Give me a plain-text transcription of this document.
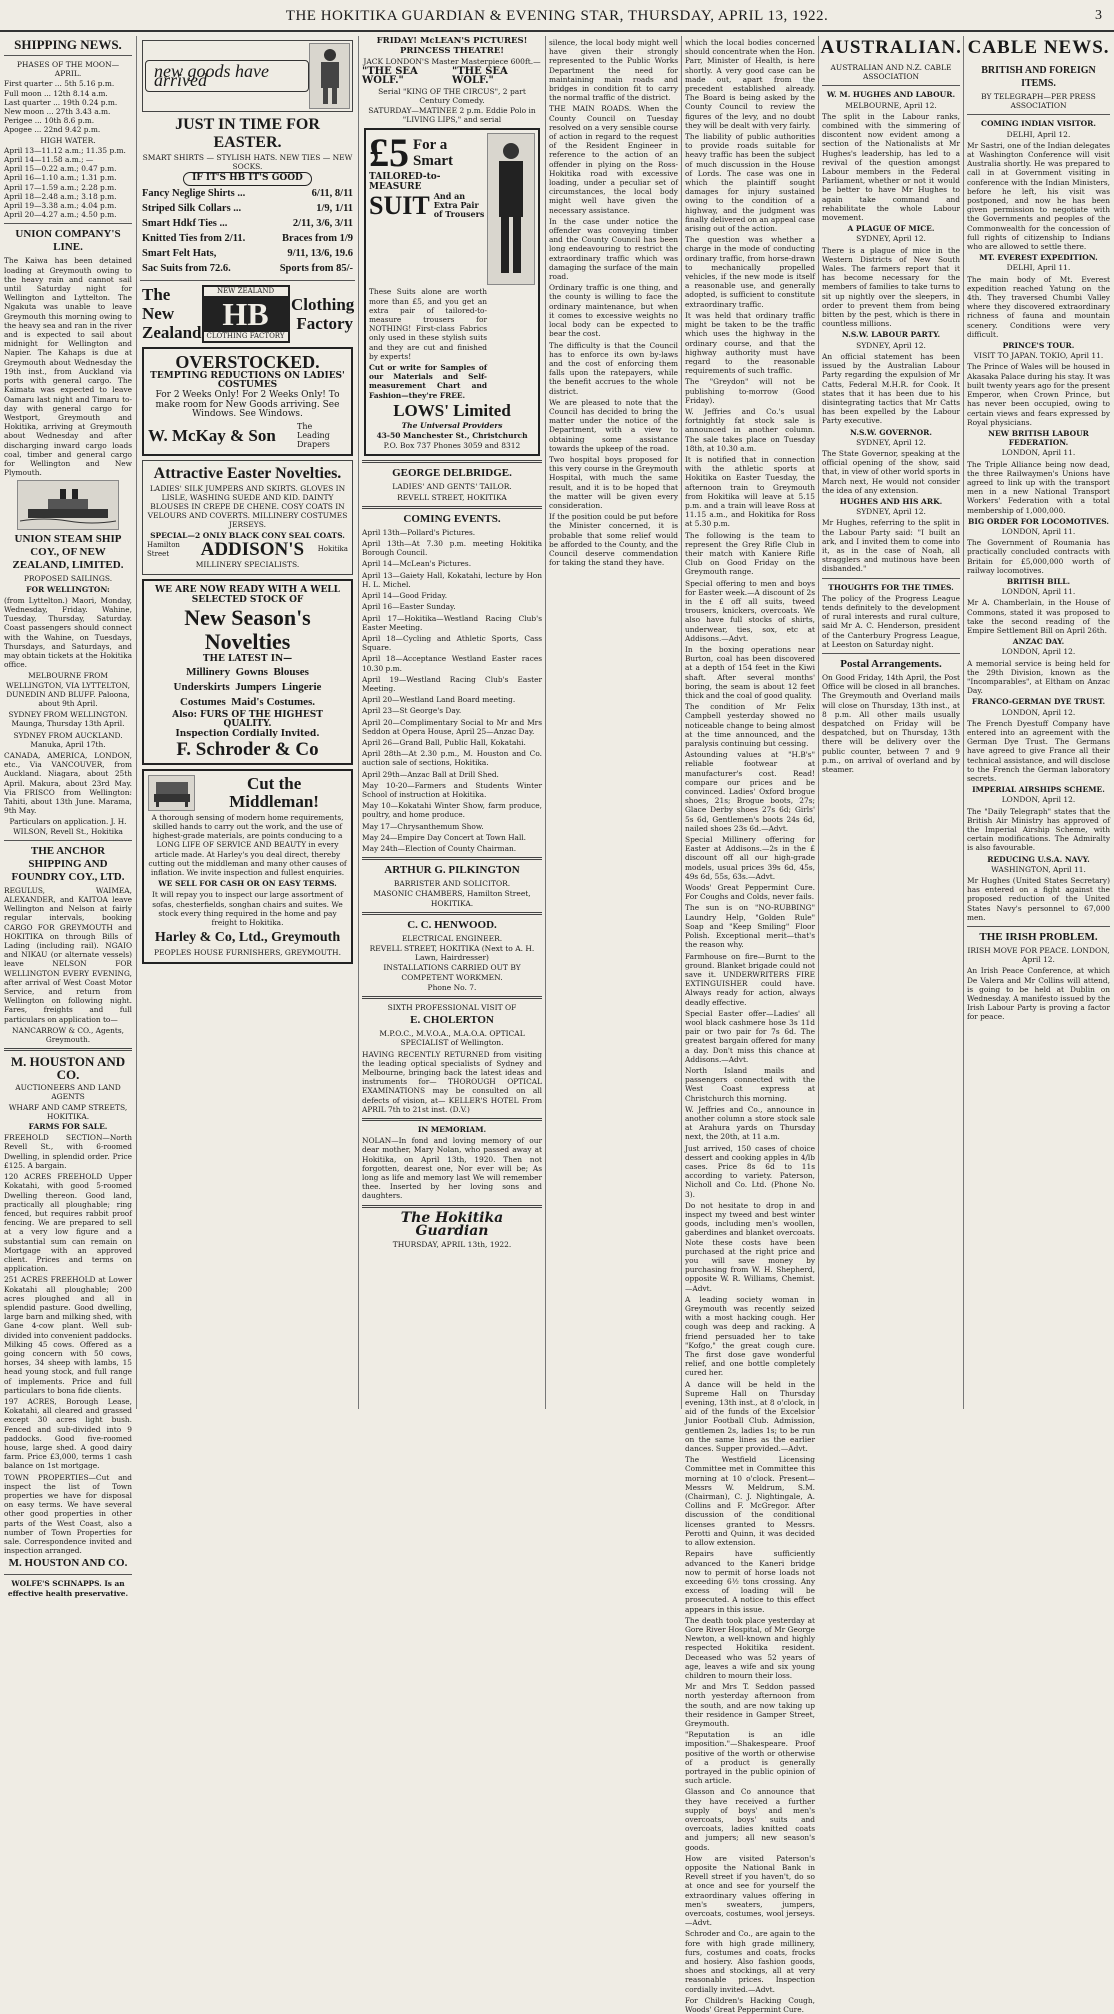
THE HOKITIKA GUARDIAN & EVENING STAR, THURSDAY, APRIL 13, 1922.	3
SHIPPING NEWS.
PHASES OF THE MOON—APRIL.
First quarter ... 5th 5.16 p.m.
Full moon ... 12th 8.14 a.m.
Last quarter ... 19th 0.24 p.m.
New moon ... 27th 3.43 a.m.
Perigee ... 10th 8.6 p.m.
Apogee ... 22nd 9.42 p.m.
HIGH WATER.
April 13—11.12 a.m.; 11.35 p.m.
April 14—11.58 a.m.; —
April 15—0.22 a.m.; 0.47 p.m.
April 16—1.10 a.m.; 1.31 p.m.
April 17—1.59 a.m.; 2.28 p.m.
April 18—2.48 a.m.; 3.18 p.m.
April 19—3.38 a.m.; 4.04 p.m.
April 20—4.27 a.m.; 4.50 p.m.
UNION COMPANY'S LINE.
The Kaiwa has been detained loading at Greymouth owing to the heavy rain and cannot sail until Saturday night for Wellington and Lyttelton. The Ngakuta was unable to leave Greymouth this morning owing to the heavy sea and ran in the river and is expected to sail about midnight for Wellington and Napier. The Kahaps is due at Greymouth about Wednesday the 19th inst., from Auckland via ports with general cargo. The Kaimata was expected to leave Oamaru last night and Timaru to-day with general cargo for Westport, Greymouth and Hokitika, arriving at Greymouth about Wednesday and after discharging inward cargo loads coal, timber and general cargo for Wellington and New Plymouth.
UNION STEAM SHIP COY., OF NEW ZEALAND, LIMITED.
PROPOSED SAILINGS.
FOR WELLINGTON:
(from Lyttelton.) Maori, Monday, Wednesday, Friday. Wahine, Tuesday, Thursday, Saturday. Coast passengers should connect with the Wahine, on Tuesdays, Thursdays, and Saturdays, and may obtain tickets at the Hokitika office.
MELBOURNE FROM WELLINGTON, VIA LYTTELTON, DUNEDIN AND BLUFF. Paloona, about 9th April.
SYDNEY FROM WELLINGTON. Maunga, Thursday 13th April.
SYDNEY FROM AUCKLAND. Manuka, April 17th.
CANADA, AMERICA, LONDON, etc., Via VANCOUVER, from Auckland. Niagara, about 25th April. Makura, about 23rd May. Via FRISCO from Wellington: Tahiti, about 13th June. Marama, 9th May.
Particulars on application. J. H. WILSON, Revell St., Hokitika
THE ANCHOR SHIPPING AND FOUNDRY COY., LTD.
REGULUS, WAIMEA, ALEXANDER, and KAITOA leave Wellington and Nelson at fairly regular intervals, booking CARGO FOR GREYMOUTH and HOKITIKA on through Bills of Lading (including rail). NGAIO and NIKAU (or alternate vessels) leave NELSON FOR WELLINGTON EVERY EVENING, after arrival of West Coast Motor Service, and return from Wellington on following night. Fares, freights and full particulars on application to—
NANCARROW & CO., Agents, Greymouth.
M. HOUSTON AND CO.
AUCTIONEERS AND LAND AGENTS
WHARF AND CAMP STREETS, HOKITIKA.
FARMS FOR SALE.
FREEHOLD SECTION—North Revell St., with 6-roomed Dwelling, in splendid order. Price £125. A bargain.
120 ACRES FREEHOLD Upper Kokatahi, with good 5-roomed Dwelling thereon. Good land, practically all ploughable; ring fenced, but requires rabbit proof fencing. We are prepared to sell at a very low figure and a substantial sum can remain on Mortgage with an approved client. Prices and terms on application.
251 ACRES FREEHOLD at Lower Kokatahi all ploughable; 200 acres ploughed and all in splendid pasture. Good dwelling, large barn and milking shed, with Gane 4-cow plant. Well sub-divided into convenient paddocks. Milking 45 cows. Offered as a going concern with 50 cows, horses, 34 sheep with lambs, 15 head young stock, and full range of implements. Price and full particulars to bona fide clients.
197 ACRES, Borough Lease, Kokatahi, all cleared and grassed except 30 acres light bush. Fenced and sub-divided into 9 paddocks. Good five-roomed house, large shed. A good dairy farm. Price £3,000, terms 1 cash balance on 1st mortgage.
TOWN PROPERTIES—Cut and inspect the list of Town properties we have for disposal on easy terms. We have several other good properties in other parts of the West Coast, also a number of Town Properties for sale. Correspondence invited and inspection arranged.
M. HOUSTON AND CO.
WOLFE'S SCHNAPPS. Is an effective health preservative.
new goods have arrived
JUST IN TIME FOR EASTER.
SMART SHIRTS — STYLISH HATS. NEW TIES — NEW SOCKS.
IF IT'S HB IT'S GOOD
Fancy Neglige Shirts ...	6/11, 8/11
Striped Silk Collars ...	1/9, 1/11
Smart Hdkf Ties ...	2/11, 3/6, 3/11
Knitted Ties from 2/11.	Braces from 1/9
Smart Felt Hats,	9/11, 13/6, 19.6
Sac Suits from 72.6.	Sports from 85/-
The New Zealand
NEW ZEALAND
HB
CLOTHING FACTORY
Clothing Factory
OVERSTOCKED.
TEMPTING REDUCTIONS ON LADIES' COSTUMES
For 2 Weeks Only! For 2 Weeks Only! To make room for New Goods arriving. See Windows. See Windows.
W. McKay & Son	The Leading Drapers
Attractive Easter Novelties.
LADIES' SILK JUMPERS AND SKIRTS. GLOVES IN LISLE, WASHING SUEDE AND KID. DAINTY BLOUSES IN CREPE DE CHENE. COSY COATS IN VELOURS AND COVERTS. MILLINERY COSTUMES JERSEYS.
SPECIAL—2 ONLY BLACK CONY SEAL COATS.
Hamilton Street	ADDISON'S Hokitika
MILLINERY SPECIALISTS.
WE ARE NOW READY WITH A WELL SELECTED STOCK OF
New Season's Novelties
THE LATEST IN—
Millinery  Gowns  Blouses
Underskirts  Jumpers  Lingerie
Costumes  Maid's Costumes.
Also: FURS OF THE HIGHEST QUALITY.
Inspection Cordially Invited.
F. Schroder & Co
Cut the Middleman!
A thorough sensing of modern home requirements, skilled hands to carry out the work, and the use of highest-grade materials, are points conducing to a LONG LIFE OF SERVICE AND BEAUTY in every article made. At Harley's you deal direct, thereby cutting out the middleman and many other causes of inflation. We invite inspection and fullest enquiries.
WE SELL FOR CASH OR ON EASY TERMS.
It will repay you to inspect our large assortment of sofas, chesterfields, songhan chairs and suites. We stock every thing required in the home and pay freight to Hokitika.
Harley & Co, Ltd., Greymouth
PEOPLES HOUSE FURNISHERS, GREYMOUTH.
FRIDAY! McLEAN'S PICTURES! PRINCESS THEATRE!
JACK LONDON'S Master Masterpiece 600ft.—
"THE SEA WOLF."
"THE SEA WOLF."
Serial "KING OF THE CIRCUS", 2 part Century Comedy.
SATURDAY—MATINEE 2 p.m. Eddie Polo in "LIVING LIPS," and serial
£5 For a Smart
TAILORED-to-MEASURE
SUIT And an Extra Pair of Trousers
These Suits alone are worth more than £5, and you get an extra pair of tailored-to-measure trousers for NOTHING! First-class Fabrics only used in these stylish suits and they are cut and finished by experts!
Cut or write for Samples of our Materials and Self-measurement Chart and Fashion—they're FREE.
LOWS' Limited
The Universal Providers
43-50 Manchester St., Christchurch
P.O. Box 737 Phones 3059 and 8312
GEORGE DELBRIDGE.
LADIES' AND GENTS' TAILOR.
REVELL STREET, HOKITIKA
COMING EVENTS.
April 13th—Pollard's Pictures.
April 13th—At 7.30 p.m. meeting Hokitika Borough Council.
April 14—McLean's Pictures.
April 13—Gaiety Hall, Kokatahi, lecture by Hon H. L. Michel.
April 14—Good Friday.
April 16—Easter Sunday.
April 17—Hokitika—Westland Racing Club's Easter Meeting.
April 18—Cycling and Athletic Sports, Cass Square.
April 18—Acceptance Westland Easter races 10.30 p.m.
April 19—Westland Racing Club's Easter Meeting.
April 20—Westland Land Board meeting.
April 23—St George's Day.
April 20—Complimentary Social to Mr and Mrs Seddon at Opera House, April 25—Anzac Day.
April 26—Grand Ball, Public Hall, Kokatahi.
April 28th—At 2.30 p.m., M. Houston and Co. auction sale of sections, Hokitika.
April 29th—Anzac Ball at Drill Shed.
May 10-20—Farmers and Students Winter School of instruction at Hokitika.
May 10—Kokatahi Winter Show, farm produce, poultry, and home produce.
May 17—Chrysanthemum Show.
May 24—Empire Day Concert at Town Hall.
May 24th—Election of County Chairman.
ARTHUR G. PILKINGTON
BARRISTER AND SOLICITOR.
MASONIC CHAMBERS, Hamilton Street, HOKITIKA.
C. C. HENWOOD.
ELECTRICAL ENGINEER.
REVELL STREET, HOKITIKA (Next to A. H. Lawn, Hairdresser)
INSTALLATIONS CARRIED OUT BY COMPETENT WORKMEN.
Phone No. 7.
SIXTH PROFESSIONAL VISIT OF
E. CHOLERTON
M.P.O.C., M.V.O.A., M.A.O.A. OPTICAL SPECIALIST of Wellington.
HAVING RECENTLY RETURNED from visiting the leading optical specialists of Sydney and Melbourne, bringing back the latest ideas and instruments for— THOROUGH OPTICAL EXAMINATIONS may be consulted on all defects of vision, at— KELLER'S HOTEL From APRIL 7th to 21st inst. (D.V.)
IN MEMORIAM.
NOLAN—In fond and loving memory of our dear mother, Mary Nolan, who passed away at Hokitika, on April 13th, 1920. Then not forgotten, dearest one, Nor ever will be; As long as life and memory last We will remember thee. Inserted by her loving sons and daughters.
The Hokitika Guardian
THURSDAY, APRIL 13th, 1922.
silence, the local body might well have given their strongly represented to the Public Works Department the need for maintaining main roads and bridges in condition fit to carry the normal traffic of the district.
THE MAIN ROADS. When the County Council on Tuesday resolved on a very sensible course of action in regard to the request of the Resident Engineer in reference to the action of an offender in plying on the Ross-Hokitika road with excessive loading, under a peculiar set of circumstances, the local body might well have given the necessary assistance.
In the case under notice the offender was conveying timber and the County Council has been long endeavouring to restrict the extraordinary traffic which was damaging the surface of the main road.
Ordinary traffic is one thing, and the county is willing to face the ordinary maintenance, but when it comes to excessive weights no local body can be expected to bear the cost.
The difficulty is that the Council has to enforce its own by-laws and the cost of enforcing them falls upon the ratepayers, while the benefit accrues to the whole district.
We are pleased to note that the Council has decided to bring the matter under the notice of the Department, with a view to obtaining some assistance towards the upkeep of the road.
Two hospital boys proposed for this very course in the Greymouth Hospital, with much the same result, and it is to be hoped that the matter will be given every consideration.
If the position could be put before the Minister concerned, it is probable that some relief would be afforded to the County, and the Council deserve commendation for taking the stand they have.
which the local bodies concerned should concentrate when the Hon. Parr, Minister of Health, is here shortly. A very good case can be made out, apart from the precedent established already. The Board is being asked by the County Council to review the figures of the levy, and no doubt they will be dealt with very fairly.
The liability of public authorities to provide roads suitable for heavy traffic has been the subject of much discussion in the House of Lords. The case was one in which the plaintiff sought damages for injury sustained owing to the condition of a highway, and the judgment was finally delivered on an appeal case arising out of the action.
The question was whether a charge in the mode of conducting ordinary traffic, from horse-drawn to mechanically propelled vehicles, if the new mode is itself a reasonable use, and generally adopted, is sufficient to constitute extraordinary traffic.
It was held that ordinary traffic might be taken to be the traffic which uses the highway in the ordinary course, and that the highway authority must have regard to the reasonable requirements of such traffic.
The "Greydon" will not be publishing to-morrow (Good Friday).
W. Jeffries and Co.'s usual fortnightly fat stock sale is announced in another column. The sale takes place on Tuesday 18th, at 10.30 a.m.
It is notified that in connection with the athletic sports at Hokitika on Easter Tuesday, the afternoon train to Greymouth from Hokitika will leave at 5.15 p.m. and a train will leave Ross at 11.15 a.m., and Hokitika for Ross at 5.30 p.m.
The following is the team to represent the Grey Rifle Club in their match with Kaniere Rifle Club on Good Friday on the Greymouth range.
Special offering to men and boys for Easter week.—A discount of 2s in the £ off all suits, tweed trousers, knickers, overcoats. We also have full stocks of shirts, underwear, ties, sox, etc at Addisons.—Advt.
In the boxing operations near Burton, coal has been discovered at a depth of 154 feet in the Kiwi shaft. After several months' boring, the seam is about 12 feet thick and the coal of good quality.
The condition of Mr Felix Campbell yesterday showed no noticeable change to being almost at the time announced, and the paralysis continuing but cessing.
Astounding values at "H.B's" reliable footwear at manufacturer's cost. Read! compare our prices and be convinced. Ladies' Oxford brogue shoes, 21s; Brogue boots, 27s; Glace Derby shoes 27s 6d; Girls' 5s 6d, Gentlemen's boots 24s 6d, nailed shoes 23s 6d.—Advt.
Special Millinery offering for Easter at Addisons.—2s in the £ discount off all our high-grade models, usual prices 39s 6d, 45s, 49s 6d, 55s, 63s.—Advt.
Woods' Great Peppermint Cure. For Coughs and Colds, never fails.
The sun is on "NO-RUBBING" Laundry Help, "Golden Rule" Soap and "Keep Smiling" Floor Polish. Exceptional merit—that's the reason why.
Farmhouse on fire—Burnt to the ground. Blanket brigade could not save it. UNDERWRITERS FIRE EXTINGUISHER could have. Always ready for action, always deadly effective.
Special Easter offer—Ladies' all wool black cashmere hose 3s 11d pair or two pair for 7s 6d. The greatest bargain offered for many a day. Don't miss this chance at Addisons.—Advt.
North Island mails and passengers connected with the West Coast express at Christchurch this morning.
W. Jeffries and Co., announce in another column a store stock sale at Arahura yards on Thursday next, the 20th, at 11 a.m.
Just arrived, 150 cases of choice dessert and cooking apples in 4/lb cases. Price 8s 6d to 11s according to variety. Paterson, Nicholl and Co. Ltd. (Phone No. 3).
Do not hesitate to drop in and inspect my tweed and best winter goods, including men's woollen, gaberdines and blanket overcoats. Note these costs have been purchased at the right price and you will save money by purchasing from W. H. Shepherd, opposite W. R. Williams, Chemist.—Advt.
A leading society woman in Greymouth was recently seized with a most hacking cough. Her cough was deep and racking. A friend persuaded her to take "Kofgo," the great cough cure. The first dose gave wonderful relief, and one bottle completely cured her.
A dance will be held in the Supreme Hall on Thursday evening, 13th inst., at 8 o'clock, in aid of the funds of the Excelsior Junior Football Club. Admission, gentlemen 2s, ladies 1s; to be run on the same lines as the earlier dances. Supper provided.—Advt.
The Westfield Licensing Committee met in Committee this morning at 10 o'clock. Present—Messrs W. Meldrum, S.M. (Chairman), C. J. Nightingale, A. Collins and F. McGregor. After discussion of the conditional licenses granted to Messrs. Perotti and Quinn, it was decided to allow extension.
Repairs have sufficiently advanced to the Kaneri bridge now to permit of horse loads not exceeding 6½ tons crossing. Any excess of loading will be prosecuted. A notice to this effect appears in this issue.
The death took place yesterday at Gore River Hospital, of Mr George Newton, a well-known and highly respected Hokitika resident. Deceased who was 52 years of age, leaves a wife and six young children to mourn their loss.
Mr and Mrs T. Seddon passed north yesterday afternoon from the south, and are now taking up their residence in Gamper Street, Greymouth.
"Reputation is an idle imposition."—Shakespeare. Proof positive of the worth or otherwise of a product is generally portrayed in the public opinion of such article.
Glasson and Co announce that they have received a further supply of boys' and men's overcoats, boys' suits and overcoats, ladies knitted coats and jumpers; all new season's goods.
How are visited Paterson's opposite the National Bank in Revell street if you haven't, do so at once and see for yourself the extraordinary values offering in men's sweaters, jumpers, overcoats, costumes, wool jerseys.—Advt.
Schroder and Co., are again to the fore with high grade millinery, furs, costumes and coats, frocks and hosiery. Also fashion goods, shoes and stockings, all at very reasonable prices. Inspection cordially invited.—Advt.
For Children's Hacking Cough, Woods' Great Peppermint Cure.
AUSTRALIAN. CABLE NEWS.
AUSTRALIAN AND N.Z. CABLE ASSOCIATION
W. M. HUGHES AND LABOUR.
MELBOURNE, April 12.
The split in the Labour ranks, combined with the simmering of discontent now evident among a section of the Nationalists at Mr Hughes's leadership, has led to a revival of the question amongst Labour members in the Federal Parliament, whether or not it would be better to have Mr Hughes to again take command and rehabilitate the whole Labour movement.
A PLAGUE OF MICE.
SYDNEY, April 12.
There is a plague of mice in the Western Districts of New South Wales. The farmers report that it has become necessary for the members of families to take turns to sit up nightly over the sleepers, in order to prevent them from being bitten by the pest, which is there in countless millions.
N.S.W. LABOUR PARTY.
SYDNEY, April 12.
An official statement has been issued by the Australian Labour Party regarding the expulsion of Mr Catts, Federal M.H.R. for Cook. It states that it has been due to his disintegrating tactics that Mr Catts has been expelled by the Labour Party executive.
N.S.W. GOVERNOR.
SYDNEY, April 12.
The State Governor, speaking at the official opening of the show, said that, in view of other world sports in March next, He would not consider the idea of any extension.
HUGHES AND HIS ARK.
SYDNEY, April 12.
Mr Hughes, referring to the split in the Labour Party said: "I built an ark, and I invited them to come into it, as in the case of Noah, all stragglers and mutinous have been disbanded."
THOUGHTS FOR THE TIMES.
The policy of the Progress League tends definitely to the development of rural interests and rural culture, said Mr A. C. Henderson, president of the Canterbury Progress League, at Leeston on Saturday night.
Postal Arrangements.
On Good Friday, 14th April, the Post Office will be closed in all branches. The Greymouth and Overland mails will close on Thursday, 13th inst., at 8 p.m. All other mails usually despatched on Friday will be despatched, but on Thursday, 13th there will be delivery over the public counter, between 7 and 9 p.m., on arrival of overland and by steamer.
BRITISH AND FOREIGN ITEMS.
BY TELEGRAPH—PER PRESS ASSOCIATION
COMING INDIAN VISITOR.
DELHI, April 12.
Mr Sastri, one of the Indian delegates at Washington Conference will visit Australia shortly. He was prepared to call in at Government visiting in conference with the Indian Ministers, before he left, his visit was postponed, and now he has been given permission to negotiate with the Governments and peoples of the Commonwealth for the concession of full rights of citizenship to Indians who are allowed to settle there.
MT. EVEREST EXPEDITION.
DELHI, April 11.
The main body of Mt. Everest expedition reached Yatung on the 4th. They traversed Chumbi Valley where they discovered extraordinary richness of fauna and mountain scenery. Conditions were very difficult.
PRINCE'S TOUR.
VISIT TO JAPAN. TOKIO, April 11.
The Prince of Wales will be housed in Akasaka Palace during his stay. It was built twenty years ago for the present Emperor, when Crown Prince, but has never been occupied, owing to certain views and fears expressed by Royal physicians.
NEW BRITISH LABOUR FEDERATION.
LONDON, April 11.
The Triple Alliance being now dead, the three Railwaymen's Unions have agreed to link up with the transport men in a new National Transport Workers' Federation with a total membership of 1,000,000.
BIG ORDER FOR LOCOMOTIVES.
LONDON, April 11.
The Government of Roumania has practically concluded contracts with Britain for £5,000,000 worth of railway locomotives.
BRITISH BILL.
LONDON, April 11.
Mr A. Chamberlain, in the House of Commons, stated it was proposed to take the second reading of the Empire Settlement Bill on April 26th.
ANZAC DAY.
LONDON, April 12.
A memorial service is being held for the 29th Division, known as the "Incomparables", at Eltham on Anzac Day.
FRANCO-GERMAN DYE TRUST.
LONDON, April 12.
The French Dyestuff Company have entered into an agreement with the German Dye Trust. The Germans have agreed to give France all their technical assistance, and will disclose to the French the German laboratory secrets.
IMPERIAL AIRSHIPS SCHEME.
LONDON, April 12.
The "Daily Telegraph" states that the British Air Ministry has approved of the Imperial Airship Scheme, with certain modifications. The Admiralty is also favourable.
REDUCING U.S.A. NAVY.
WASHINGTON, April 11.
Mr Hughes (United States Secretary) has entered on a fight against the proposed reduction of the United States Navy's personnel to 67,000 men.
THE IRISH PROBLEM.
IRISH MOVE FOR PEACE. LONDON, April 12.
An Irish Peace Conference, at which De Valera and Mr Collins will attend, is going to be held at Dublin on Wednesday. A manifesto issued by the Irish Labour Party is proving a factor for peace.
